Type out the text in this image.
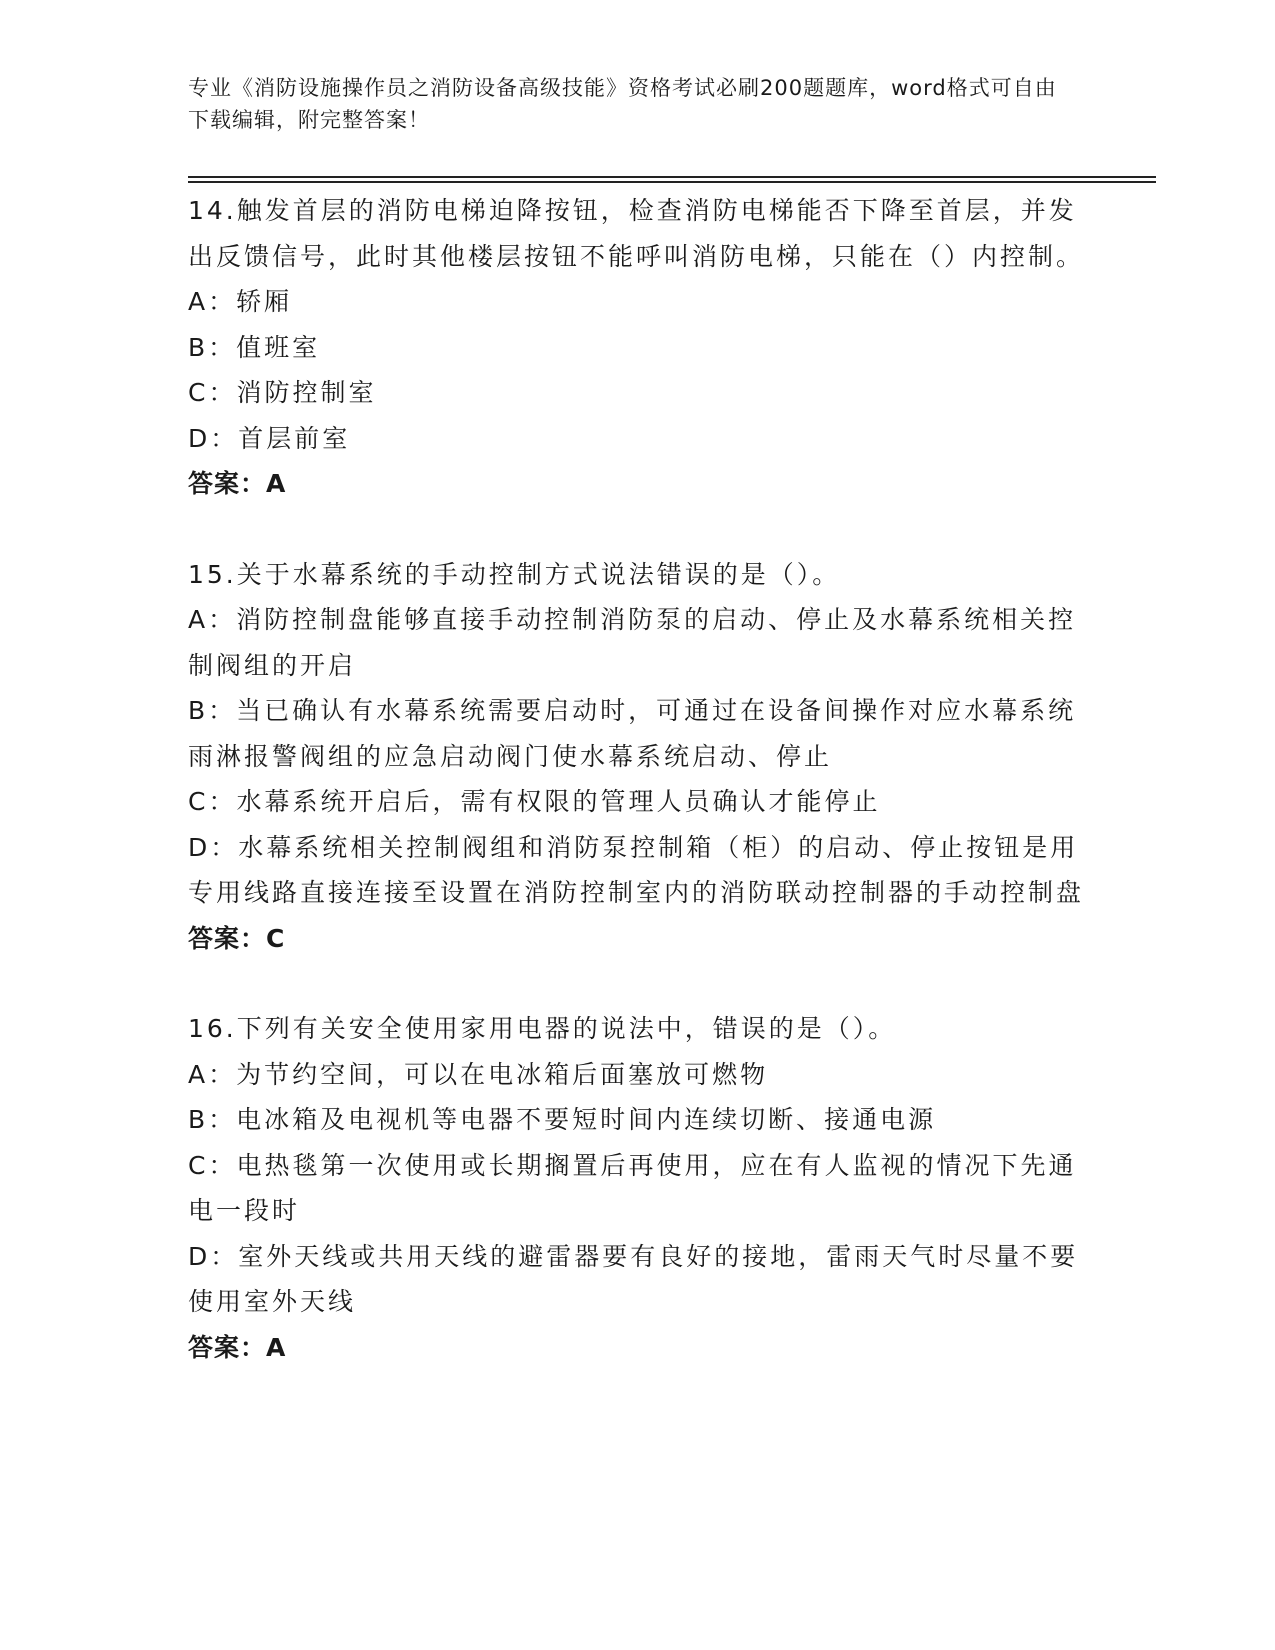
专业《消防设施操作员之消防设备高级技能》资格考试必刷200题题库，word格式可自由下载编辑，附完整答案！

14.触发首层的消防电梯迫降按钮，检查消防电梯能否下降至首层，并发出反馈信号，此时其他楼层按钮不能呼叫消防电梯，只能在（）内控制。

A：轿厢

B：值班室

C：消防控制室

D：首层前室

答案：A

15.关于水幕系统的手动控制方式说法错误的是（）。

A：消防控制盘能够直接手动控制消防泵的启动、停止及水幕系统相关控制阀组的开启

B：当已确认有水幕系统需要启动时，可通过在设备间操作对应水幕系统雨淋报警阀组的应急启动阀门使水幕系统启动、停止

C：水幕系统开启后，需有权限的管理人员确认才能停止

D：水幕系统相关控制阀组和消防泵控制箱（柜）的启动、停止按钮是用专用线路直接连接至设置在消防控制室内的消防联动控制器的手动控制盘

答案：C

16.下列有关安全使用家用电器的说法中，错误的是（）。

A：为节约空间，可以在电冰箱后面塞放可燃物

B：电冰箱及电视机等电器不要短时间内连续切断、接通电源

C：电热毯第一次使用或长期搁置后再使用，应在有人监视的情况下先通电一段时

D：室外天线或共用天线的避雷器要有良好的接地，雷雨天气时尽量不要使用室外天线

答案：A
